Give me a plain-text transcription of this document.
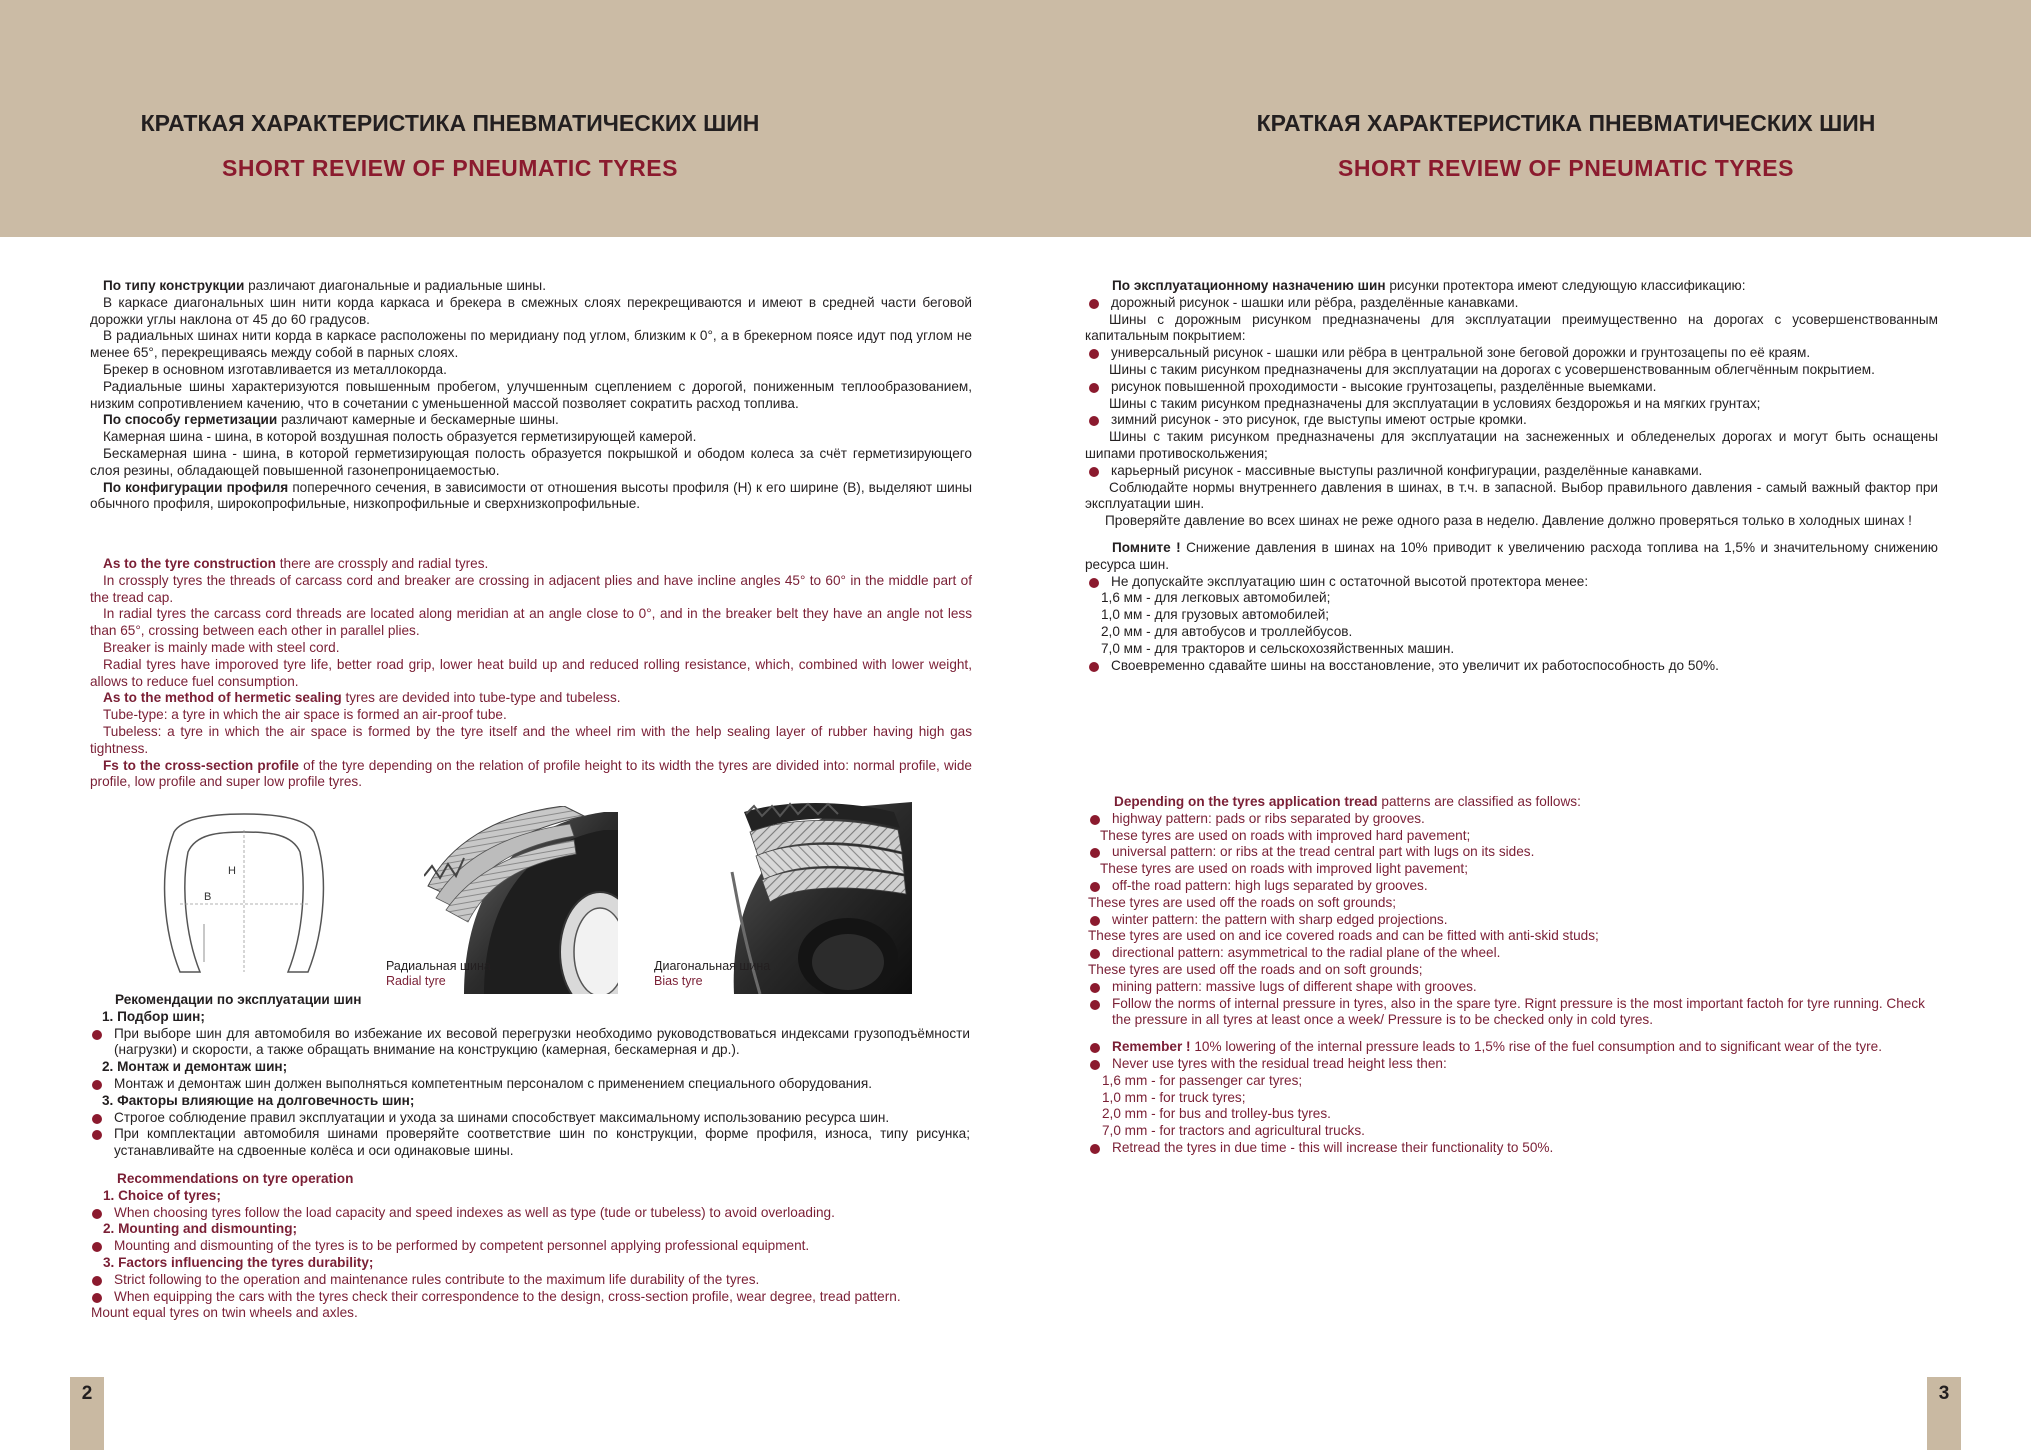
КРАТКАЯ ХАРАКТЕРИСТИКА ПНЕВМАТИЧЕСКИХ ШИН
SHORT REVIEW OF PNEUMATIC TYRES
КРАТКАЯ ХАРАКТЕРИСТИКА ПНЕВМАТИЧЕСКИХ ШИН
SHORT REVIEW OF PNEUMATIC TYRES

По типу конструкции различают диагональные и радиальные шины.

В каркасе диагональных шин нити корда каркаса и брекера в смежных слоях перекрещиваются и имеют в средней части беговой дорожки углы наклона от 45 до 60 градусов.

В радиальных шинах нити корда в каркасе расположены по меридиану под углом, близким к 0°, а в брекерном поясе идут под углом не менее 65°, перекрещиваясь между собой в парных слоях.

Брекер в основном изготавливается из металлокорда.

Радиальные шины характеризуются повышенным пробегом, улучшенным сцеплением с дорогой, пониженным теплообразованием, низким сопротивлением качению, что в сочетании с уменьшенной массой позволяет сократить расход топлива.

По способу герметизации различают камерные и бескамерные шины.

Камерная шина - шина, в которой воздушная полость образуется герметизирующей камерой.

Бескамерная шина - шина, в которой герметизирующая полость образуется покрышкой и ободом колеса за счёт герметизирующего слоя резины, обладающей повышенной газонепроницаемостью.

По конфигурации профиля поперечного сечения, в зависимости от отношения высоты профиля (H) к его ширине (B), выделяют шины обычного профиля, широкопрофильные, низкопрофильные и сверхнизкопрофильные.

As to the tyre construction there are crossply and radial tyres.

In crossply tyres the threads of carcass cord and breaker are crossing in adjacent plies and have incline angles 45° to 60° in the middle part of the tread cap.

In radial tyres the carcass cord threads are located along meridian at an angle close to 0°, and in the breaker belt they have an angle not less than 65°, crossing between each other in parallel plies.

Breaker is mainly made with steel cord.

Radial tyres have imporoved tyre life, better road grip, lower heat build up and reduced rolling resistance, which, combined with lower weight, allows to reduce fuel consumption.

As to the method of hermetic sealing tyres are devided into tube-type and tubeless.

Tube-type: a tyre in which the air space is formed an air-proof tube.

Tubeless: a tyre in which the air space is formed by the tyre itself and the wheel rim with the help sealing layer of rubber having high gas tightness.

Fs to the cross-section profile of the tyre depending on the relation of profile height to its width the tyres are divided into: normal profile, wide profile, low profile and super low profile tyres.

H
B
Радиальная шина
Radial tyre
Диагональная шина
Bias tyre

Рекомендации по эксплуатации шин

1. Подбор шин;

При выборе шин для автомобиля во избежание их весовой перегрузки необходимо руководствоваться индексами грузоподъёмности (нагрузки) и скорости, а также обращать внимание на конструкцию (камерная, бескамерная и др.).

2. Монтаж и демонтаж шин;

Монтаж и демонтаж шин должен выполняться компетентным персоналом с применением специального оборудования.

3. Факторы влияющие на долговечность шин;

Строгое соблюдение правил эксплуатации и ухода за шинами способствует максимальному использованию ресурса шин.

При комплектации автомобиля шинами проверяйте соответствие шин по конструкции, форме профиля, износа, типу рисунка; устанавливайте на сдвоенные колёса и оси одинаковые шины.

Recommendations on tyre operation

1. Choice of tyres;

When choosing tyres follow the load capacity and speed indexes as well as type (tude or tubeless) to avoid overloading.

2. Mounting and dismounting;

Mounting and dismounting of the tyres is to be performed by competent personnel applying professional equipment.

3. Factors influencing the tyres durability;

Strict following to the operation and maintenance rules contribute to the maximum life durability of the tyres.

When equipping the cars with the tyres check their correspondence to the design, cross-section profile, wear degree, tread pattern.

Mount equal tyres on twin wheels and axles.

По эксплуатационному назначению шин рисунки протектора имеют следующую классификацию:

дорожный рисунок - шашки или рёбра, разделённые канавками.

Шины с дорожным рисунком предназначены для эксплуатации преимущественно на дорогах с усовершенствованным капитальным покрытием:

универсальный рисунок - шашки или рёбра в центральной зоне беговой дорожки и грунтозацепы по её краям.

Шины с таким рисунком предназначены для эксплуатации на дорогах с усовершенствованным облегчённым покрытием.

рисунок повышенной проходимости - высокие грунтозацепы, разделённые выемками.

Шины с таким рисунком предназначены для эксплуатации в условиях бездорожья и на мягких грунтах;

зимний рисунок - это рисунок, где выступы имеют острые кромки.

Шины с таким рисунком предназначены для эксплуатации на заснеженных и обледенелых дорогах и могут быть оснащены шипами противоскольжения;

карьерный рисунок - массивные выступы различной конфигурации, разделённые канавками.

Соблюдайте нормы внутреннего давления в шинах, в т.ч. в запасной. Выбор правильного давления - самый важный фактор при эксплуатации шин.

Проверяйте давление во всех шинах не реже одного раза в неделю. Давление должно проверяться только в холодных шинах !

Помните ! Снижение давления в шинах на 10% приводит к увеличению расхода топлива на 1,5% и значительному снижению ресурса шин.

Не допускайте эксплуатацию шин с остаточной высотой протектора менее:

1,6 мм - для легковых автомобилей;

1,0 мм - для грузовых автомобилей;

2,0 мм - для автобусов и троллейбусов.

7,0 мм - для тракторов и сельскохозяйственных машин.

Своевременно сдавайте шины на восстановление, это увеличит их работоспособность до 50%.

Depending on the tyres application tread patterns are classified as follows:

highway pattern: pads or ribs separated by grooves.

These tyres are used on roads with improved hard pavement;

universal pattern: or ribs at the tread central part with lugs on its sides.

These tyres are used on roads with improved light pavement;

off-the road pattern: high lugs separated by grooves.

These tyres are used off the roads on soft grounds;

winter pattern: the pattern with sharp edged projections.

These tyres are used on and ice covered roads and can be fitted with anti-skid studs;

directional pattern: asymmetrical to the radial plane of the wheel.

These tyres are used off the roads and on soft grounds;

mining pattern: massive lugs of different shape with grooves.

Follow the norms of internal pressure in tyres, also in the spare tyre. Rignt pressure is the most important factoh for tyre running. Check the pressure in all tyres at least once a week/ Pressure is to be checked only in cold tyres.

Remember ! 10% lowering of the internal pressure leads to 1,5% rise of the fuel consumption and to significant wear of the tyre.

Never use tyres with the residual tread height less then:

1,6 mm - for passenger car tyres;

1,0 mm - for truck tyres;

2,0 mm - for bus and trolley-bus tyres.

7,0 mm - for tractors and agricultural trucks.

Retread the tyres in due time - this will increase their functionality to 50%.

2	3
